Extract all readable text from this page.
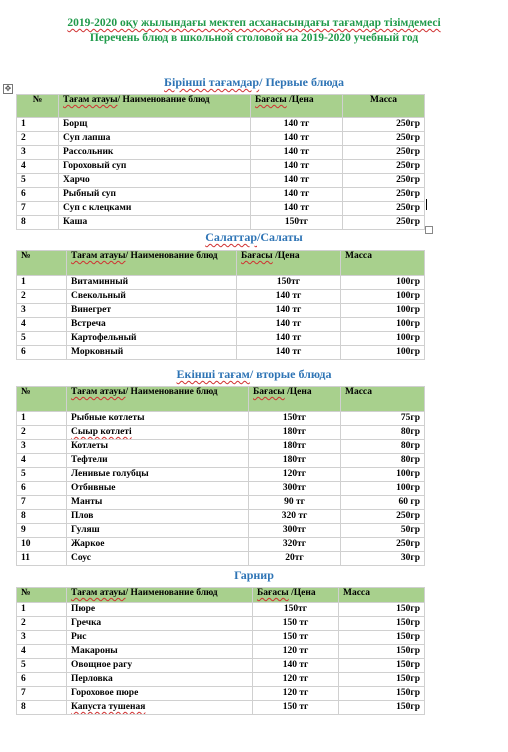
2019-2020 оқу жылындағы мектеп асханасындағы тағамдар тізімдемесі
Перечень блюд в школьной столовой на 2019-2020 учебный год
✥	Бірінші тағамдар/ Первые блюда
№	Тағам атауы/ Наименование блюд	Бағасы /Цена	Масса
1	Борщ	140 тг	250гр
2	Суп лапша	140 тг	250гр
3	Рассольник	140 тг	250гр
4	Гороховый суп	140 тг	250гр
5	Харчо	140 тг	250гр
6	Рыбный суп	140 тг	250гр
7	Суп с клецками	140 тг	250гр
8	Каша	150тг	250гр
Салаттар/Салаты
№	Тағам атауы/ Наименование блюд	Бағасы /Цена	Масса
1	Витаминный	150тг	100гр
2	Свекольный	140 тг	100гр
3	Винегрет	140 тг	100гр
4	Встреча	140 тг	100гр
5	Картофельный	140 тг	100гр
6	Морковный	140 тг	100гр
Екінші тағам/ вторые блюда
№	Тағам атауы/ Наименование блюд	Бағасы /Цена	Масса
1	Рыбные котлеты	150тг	75гр
2	Сыыр котлеті	180тг	80гр
3	Котлеты	180тг	80гр
4	Тефтели	180тг	80гр
5	Ленивые голубцы	120тг	100гр
6	Отбивные	300тг	100гр
7	Манты	90 тг	60 гр
8	Плов	320 тг	250гр
9	Гуляш	300тг	50гр
10	Жаркое	320тг	250гр
11	Соус	20тг	30гр
Гарнир
№	Тағам атауы/ Наименование блюд	Бағасы /Цена	Масса
1	Пюре	150тг	150гр
2	Гречка	150 тг	150гр
3	Рис	150 тг	150гр
4	Макароны	120 тг	150гр
5	Овощное рагу	140 тг	150гр
6	Перловка	120 тг	150гр
7	Гороховое пюре	120 тг	150гр
8	Капуста тушеная	150 тг	150гр
